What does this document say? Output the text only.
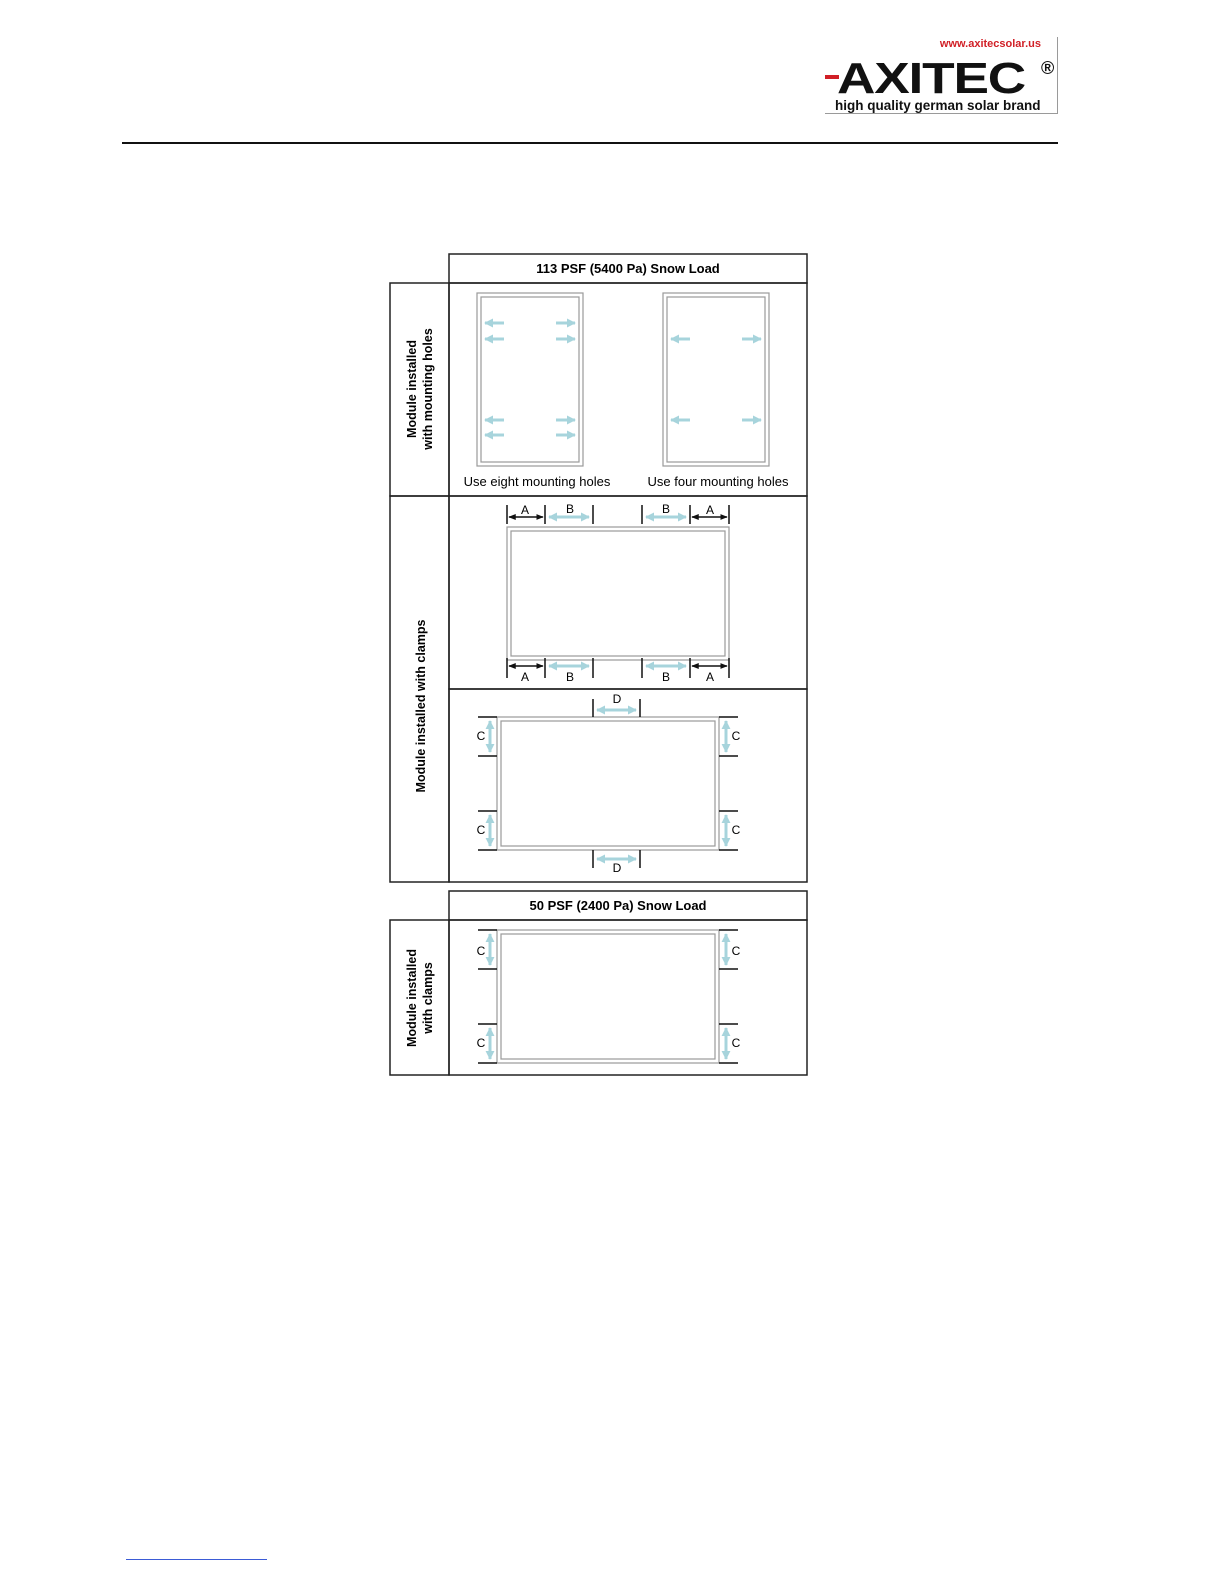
www.axitecsolar.us
AXITEC ®
high quality german solar brand
113 PSF (5400 Pa) Snow Load
Module installed with mounting holes
Module installed with clamps
Use eight mounting holes	Use four mounting holes
A	B	B	A
A	B	B	A
C
C
C
C
D
D
50 PSF (2400 Pa) Snow Load
Module installed with clamps
C
C
C
C
